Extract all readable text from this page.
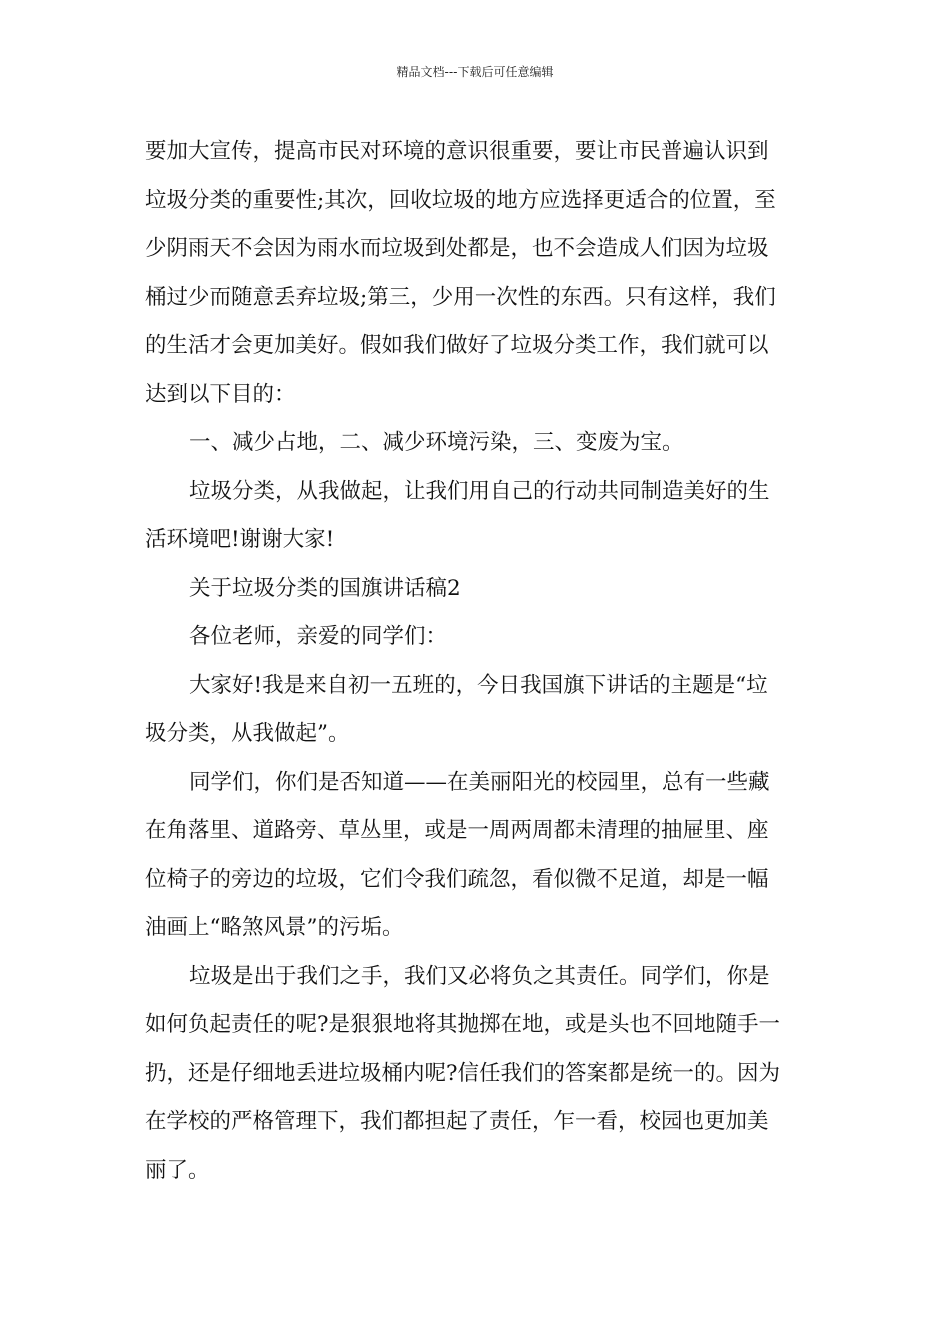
精品文档---下载后可任意编辑
要加大宣传，提高市民对环境的意识很重要，要让市民普遍认识到
垃圾分类的重要性;其次，回收垃圾的地方应选择更适合的位置，至
少阴雨天不会因为雨水而垃圾到处都是，也不会造成人们因为垃圾
桶过少而随意丢弃垃圾;第三，少用一次性的东西。只有这样，我们
的生活才会更加美好。假如我们做好了垃圾分类工作，我们就可以
达到以下目的：
一、减少占地，二、减少环境污染，三、变废为宝。
垃圾分类，从我做起，让我们用自己的行动共同制造美好的生
活环境吧!谢谢大家!
关于垃圾分类的国旗讲话稿2
各位老师，亲爱的同学们：
大家好!我是来自初一五班的，今日我国旗下讲话的主题是“垃
圾分类，从我做起”。
同学们，你们是否知道——在美丽阳光的校园里，总有一些藏
在角落里、道路旁、草丛里，或是一周两周都未清理的抽屉里、座
位椅子的旁边的垃圾，它们令我们疏忽，看似微不足道，却是一幅
油画上“略煞风景”的污垢。
垃圾是出于我们之手，我们又必将负之其责任。同学们，你是
如何负起责任的呢?是狠狠地将其抛掷在地，或是头也不回地随手一
扔，还是仔细地丢进垃圾桶内呢?信任我们的答案都是统一的。因为
在学校的严格管理下，我们都担起了责任，乍一看，校园也更加美
丽了。
